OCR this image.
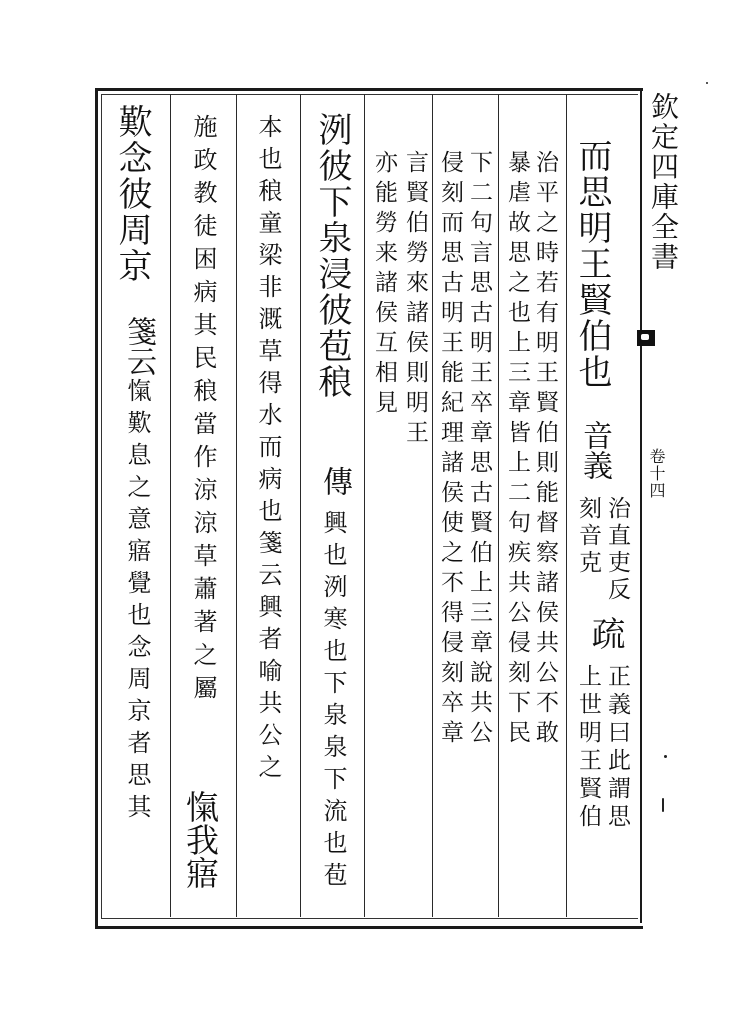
欽定四庫全書
卷十四
而思明王賢伯也
音義
治直吏反
刻音克
疏
正義曰此謂思
上世明王賢伯
治平之時若有明王賢伯則能督察諸侯共公不敢
暴虐故思之也上三章皆上二句疾共公侵刻下民
下二句言思古明王卒章思古賢伯上三章說共公
侵刻而思古明王能紀理諸侯使之不得侵刻卒章
言賢伯勞來諸侯則明王
亦能勞来諸侯互相見
洌彼下泉浸彼苞稂
傳
興也洌寒也下泉泉下流也苞
本也稂童梁非溉草得水而病也箋云興者喻共公之
施政教徒困病其民稂當作涼涼草蕭著之屬
愾我寤
歎念彼周京
箋云
愾歎息之意寤覺也念周京者思其
